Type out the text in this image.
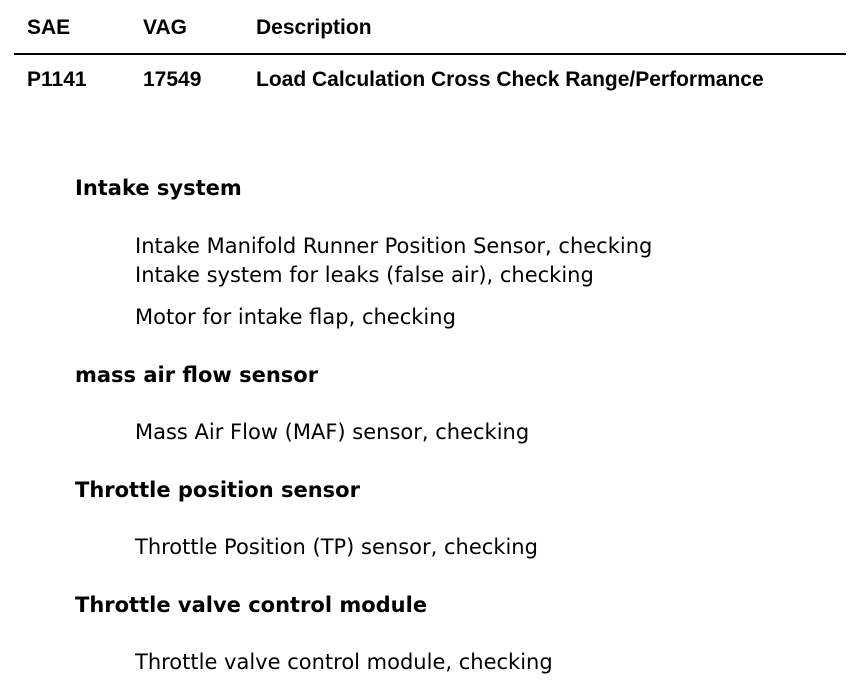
SAE	VAG	Description
P1141	17549	Load Calculation Cross Check Range/Performance
Intake system
Intake Manifold Runner Position Sensor, checking
Intake system for leaks (false air), checking
Motor for intake flap, checking
mass air flow sensor
Mass Air Flow (MAF) sensor, checking
Throttle position sensor
Throttle Position (TP) sensor, checking
Throttle valve control module
Throttle valve control module, checking
